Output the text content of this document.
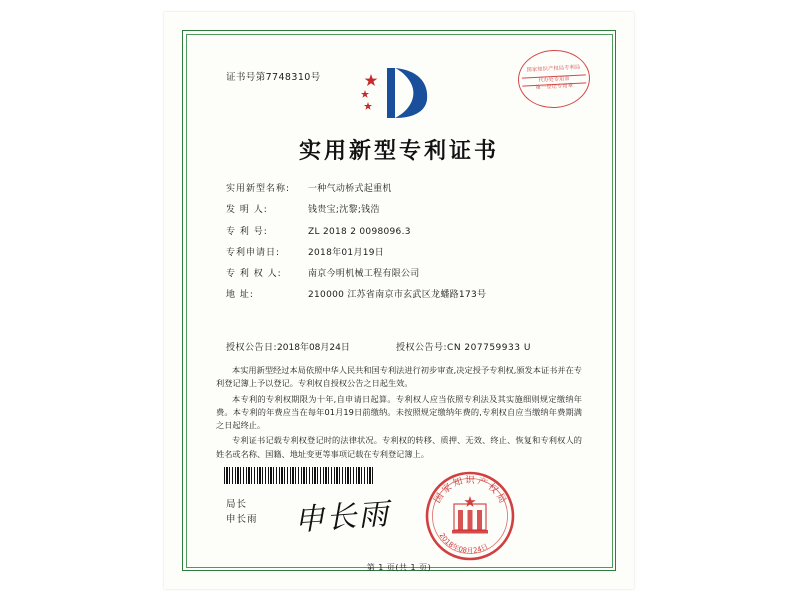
证书号第7748310号
国家知识产权局专利局
代办处专用章
第一登记专用章
实用新型专利证书
实用新型名称:	一种气动桥式起重机
发 明 人:	钱贵宝;沈黎;钱浩
专 利 号:	ZL 2018 2 0098096.3
专利申请日:	2018年01月19日
专 利 权 人:	南京今明机械工程有限公司
地 址:	210000 江苏省南京市玄武区龙蟠路173号
授权公告日:2018年08月24日	授权公告号:CN 207759933 U

本实用新型经过本局依照中华人民共和国专利法进行初步审查,决定授予专利权,颁发本证书并在专利登记簿上予以登记。专利权自授权公告之日起生效。

本专利的专利权期限为十年,自申请日起算。专利权人应当依照专利法及其实施细则规定缴纳年费。本专利的年费应当在每年01月19日前缴纳。未按照规定缴纳年费的,专利权自应当缴纳年费期满之日起终止。

专利证书记载专利权登记时的法律状况。专利权的转移、质押、无效、终止、恢复和专利权人的姓名或名称、国籍、地址变更等事项记载在专利登记簿上。

局长
申长雨 申长雨	国家知识产权局
2018年08月24日
第 1 页(共 1 页)
